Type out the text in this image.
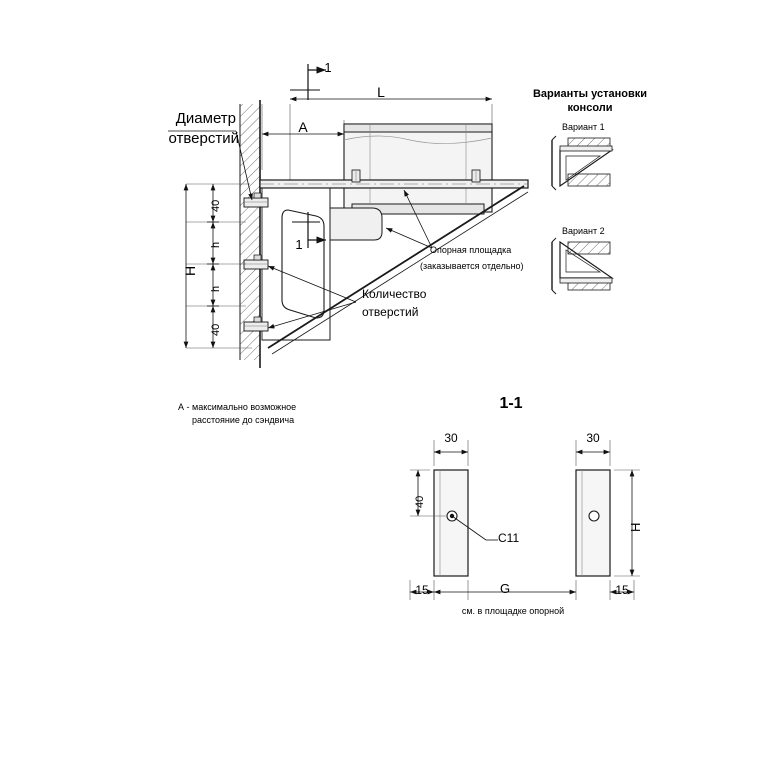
1
1
L
A
Диаметр
отверстий
40
h
h
40
H
Количество
отверстий
Опорная площадка
(заказывается отдельно)
А - максимально возможное
расстояние до сэндвича
Варианты установки
консоли
Вариант 1
Вариант 2
1-1
30	30
40
H
15	G	15
С11
см. в площадке опорной
